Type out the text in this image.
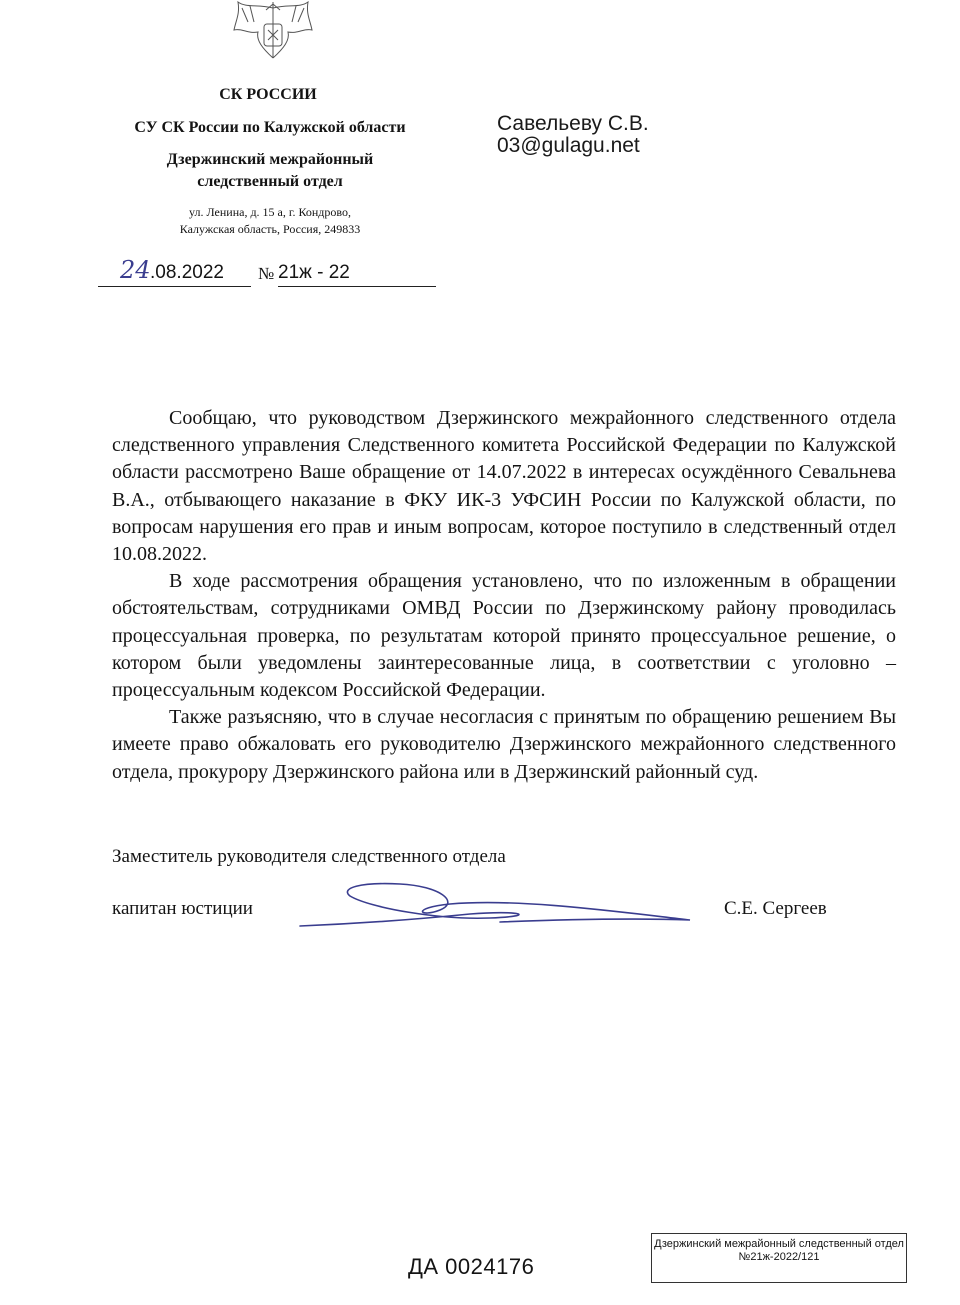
СК РОССИИ
СУ СК России по Калужской области
Дзержинский межрайонный
следственный отдел
ул. Ленина, д. 15 а, г. Кондрово,
Калужская область, Россия, 249833
Савельеву С.В.
03@gulagu.net
24 .08.2022 № 21ж - 22

Сообщаю, что руководством Дзержинского межрайонного следственного отдела следственного управления Следственного комитета Российской Федерации по Калужской области рассмотрено Ваше обращение от 14.07.2022 в интересах осуждённого Севальнева В.А., отбывающего наказание в ФКУ ИК-3 УФСИН России по Калужской области, по вопросам нарушения его прав и иным вопросам, которое поступило в следственный отдел 10.08.2022.

В ходе рассмотрения обращения установлено, что по изложенным в обращении обстоятельствам, сотрудниками ОМВД России по Дзержинскому району проводилась процессуальная проверка, по результатам которой принято процессуальное решение, о котором были уведомлены заинтересованные лица, в соответствии с уголовно – процессуальным кодексом Российской Федерации.

Также разъясняю, что в случае несогласия с принятым по обращению решением Вы имеете право обжаловать его руководителю Дзержинского межрайонного следственного отдела, прокурору Дзержинского района или в Дзержинский районный суд.

Заместитель руководителя следственного отдела
капитан юстиции	С.Е. Сергеев
ДА 0024176
Дзержинский межрайонный следственный отдел
№21ж-2022/121
